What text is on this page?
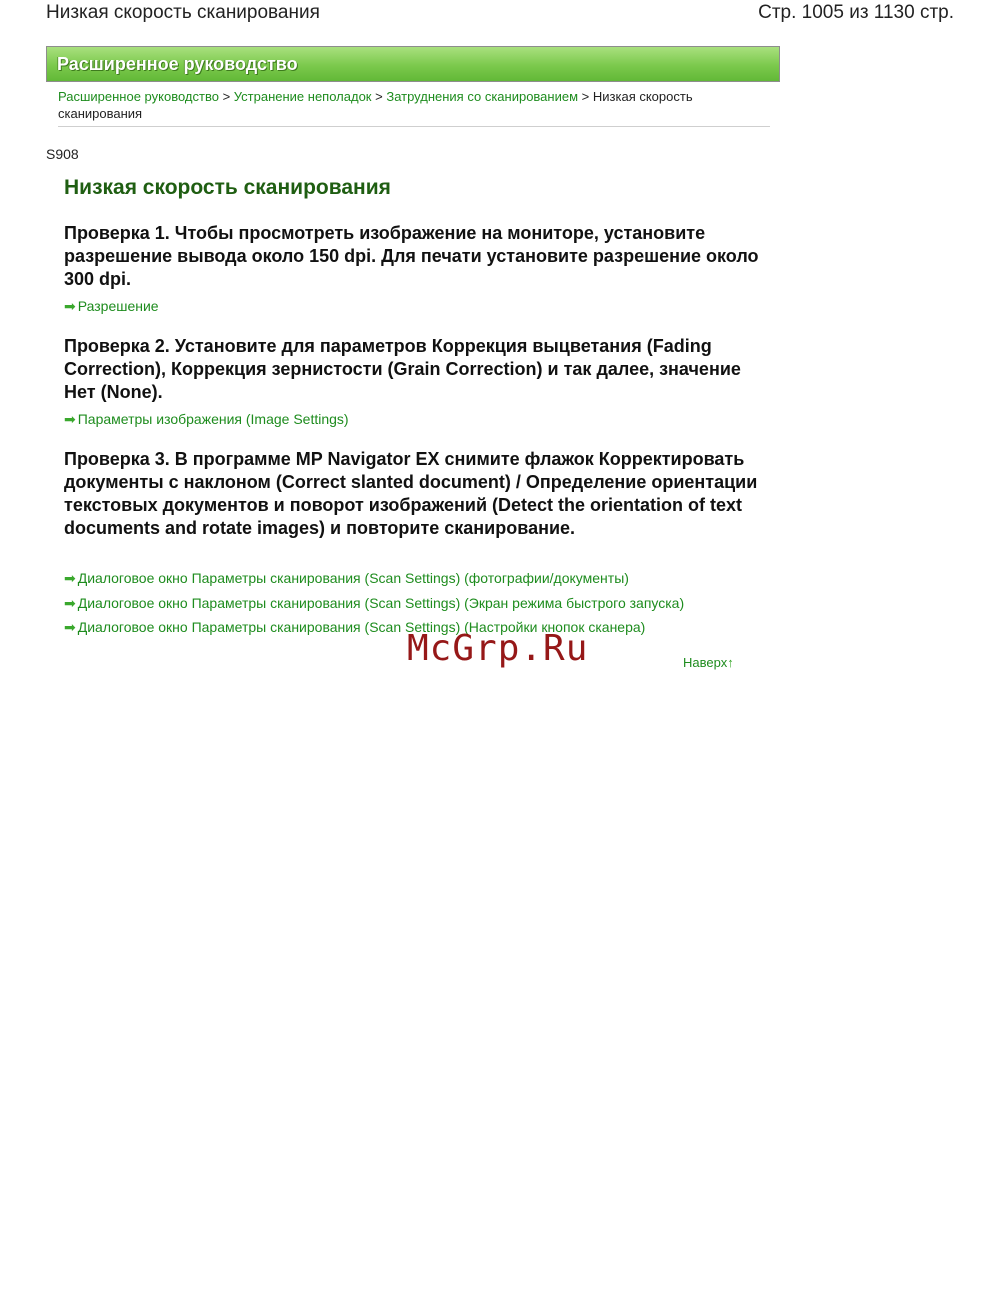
Низкая скорость сканирования	Стр. 1005 из 1130 стр.
Расширенное руководство
Расширенное руководство > Устранение неполадок > Затруднения со сканированием > Низкая скорость сканирования
S908
Низкая скорость сканирования

Проверка 1. Чтобы просмотреть изображение на мониторе, установите разрешение вывода около 150 dpi. Для печати установите разрешение около 300 dpi.

➡ Разрешение

Проверка 2. Установите для параметров Коррекция выцветания (Fading Correction), Коррекция зернистости (Grain Correction) и так далее, значение Нет (None).

➡ Параметры изображения (Image Settings)

Проверка 3. В программе MP Navigator EX снимите флажок Корректировать документы с наклоном (Correct slanted document) / Определение ориентации текстовых документов и поворот изображений (Detect the orientation of text documents and rotate images) и повторите сканирование.

➡ Диалоговое окно Параметры сканирования (Scan Settings) (фотографии/документы)
➡ Диалоговое окно Параметры сканирования (Scan Settings) (Экран режима быстрого запуска)
➡ Диалоговое окно Параметры сканирования (Scan Settings) (Настройки кнопок сканера)
McGrp.Ru	Наверх↑
